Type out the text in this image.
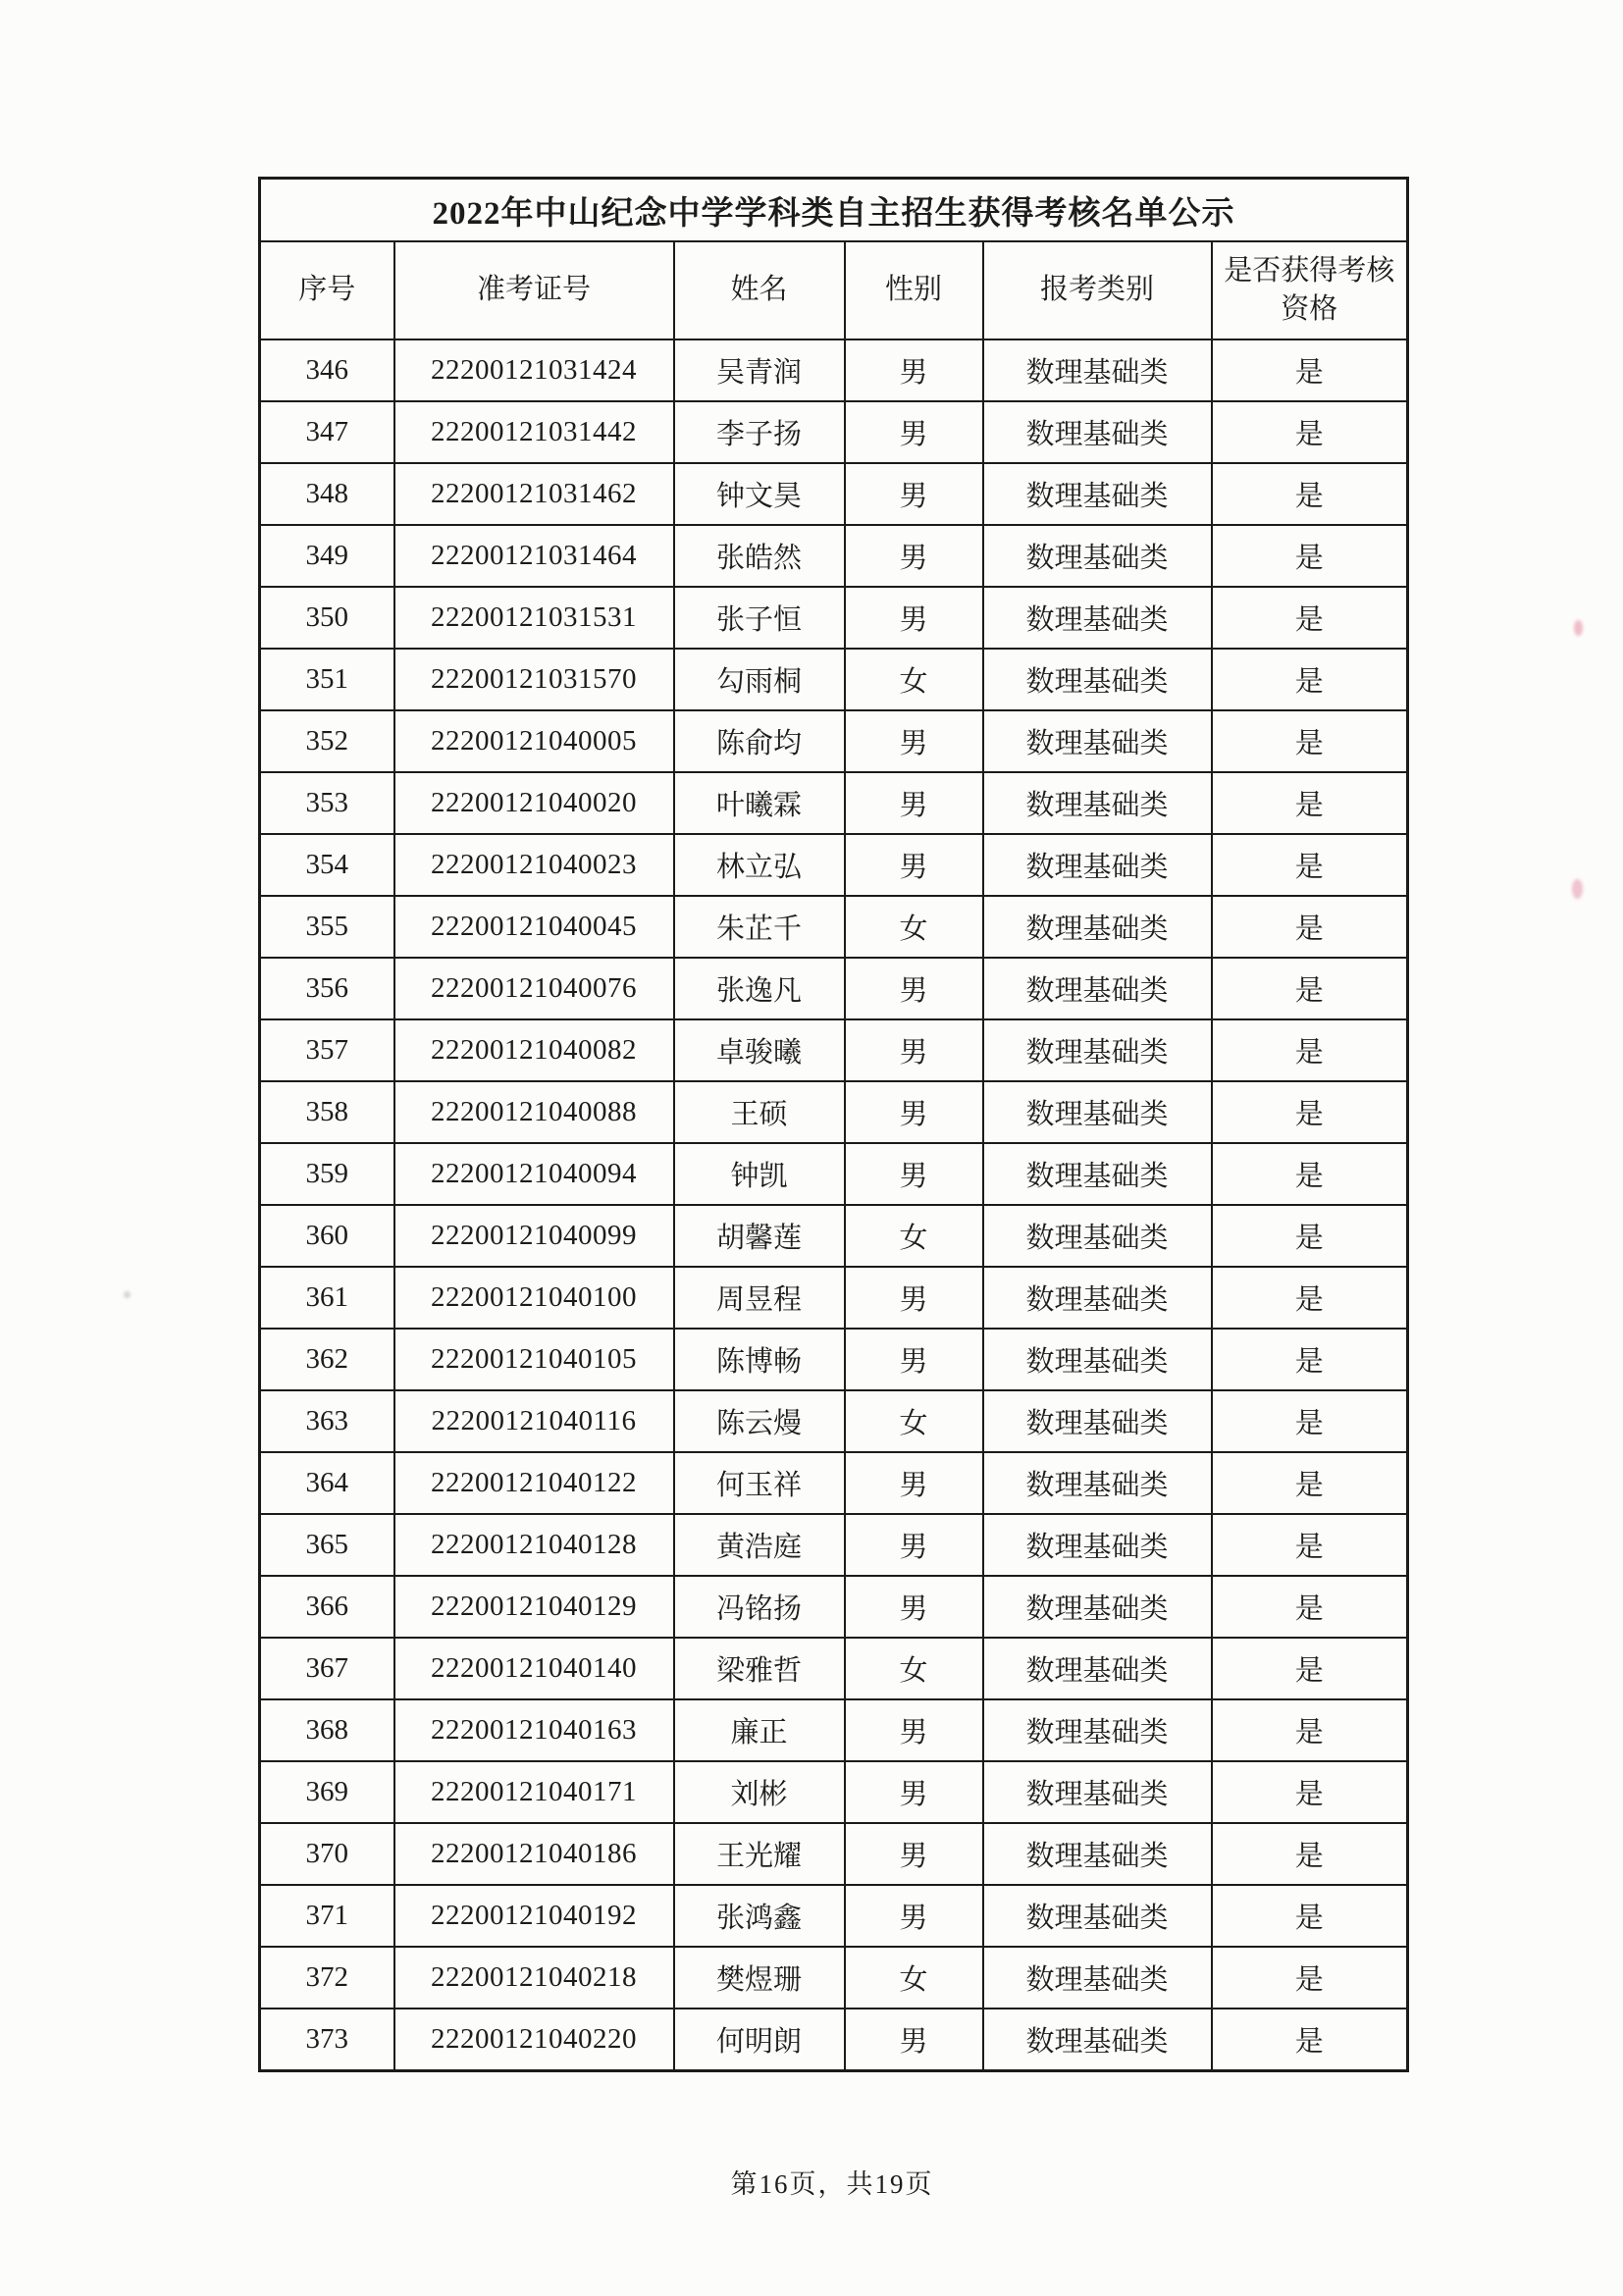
2022年中山纪念中学学科类自主招生获得考核名单公示					
序号	准考证号	姓名	性别	报考类别	是否获得考核资格
346	22200121031424	吴青润	男	数理基础类	是
347	22200121031442	李子扬	男	数理基础类	是
348	22200121031462	钟文昊	男	数理基础类	是
349	22200121031464	张皓然	男	数理基础类	是
350	22200121031531	张子恒	男	数理基础类	是
351	22200121031570	勾雨桐	女	数理基础类	是
352	22200121040005	陈俞均	男	数理基础类	是
353	22200121040020	叶曦霖	男	数理基础类	是
354	22200121040023	林立弘	男	数理基础类	是
355	22200121040045	朱芷千	女	数理基础类	是
356	22200121040076	张逸凡	男	数理基础类	是
357	22200121040082	卓骏曦	男	数理基础类	是
358	22200121040088	王硕	男	数理基础类	是
359	22200121040094	钟凯	男	数理基础类	是
360	22200121040099	胡馨莲	女	数理基础类	是
361	22200121040100	周昱程	男	数理基础类	是
362	22200121040105	陈博畅	男	数理基础类	是
363	22200121040116	陈云熳	女	数理基础类	是
364	22200121040122	何玉祥	男	数理基础类	是
365	22200121040128	黄浩庭	男	数理基础类	是
366	22200121040129	冯铭扬	男	数理基础类	是
367	22200121040140	梁雅哲	女	数理基础类	是
368	22200121040163	廉正	男	数理基础类	是
369	22200121040171	刘彬	男	数理基础类	是
370	22200121040186	王光耀	男	数理基础类	是
371	22200121040192	张鸿鑫	男	数理基础类	是
372	22200121040218	樊煜珊	女	数理基础类	是
373	22200121040220	何明朗	男	数理基础类	是
第16页，共19页
